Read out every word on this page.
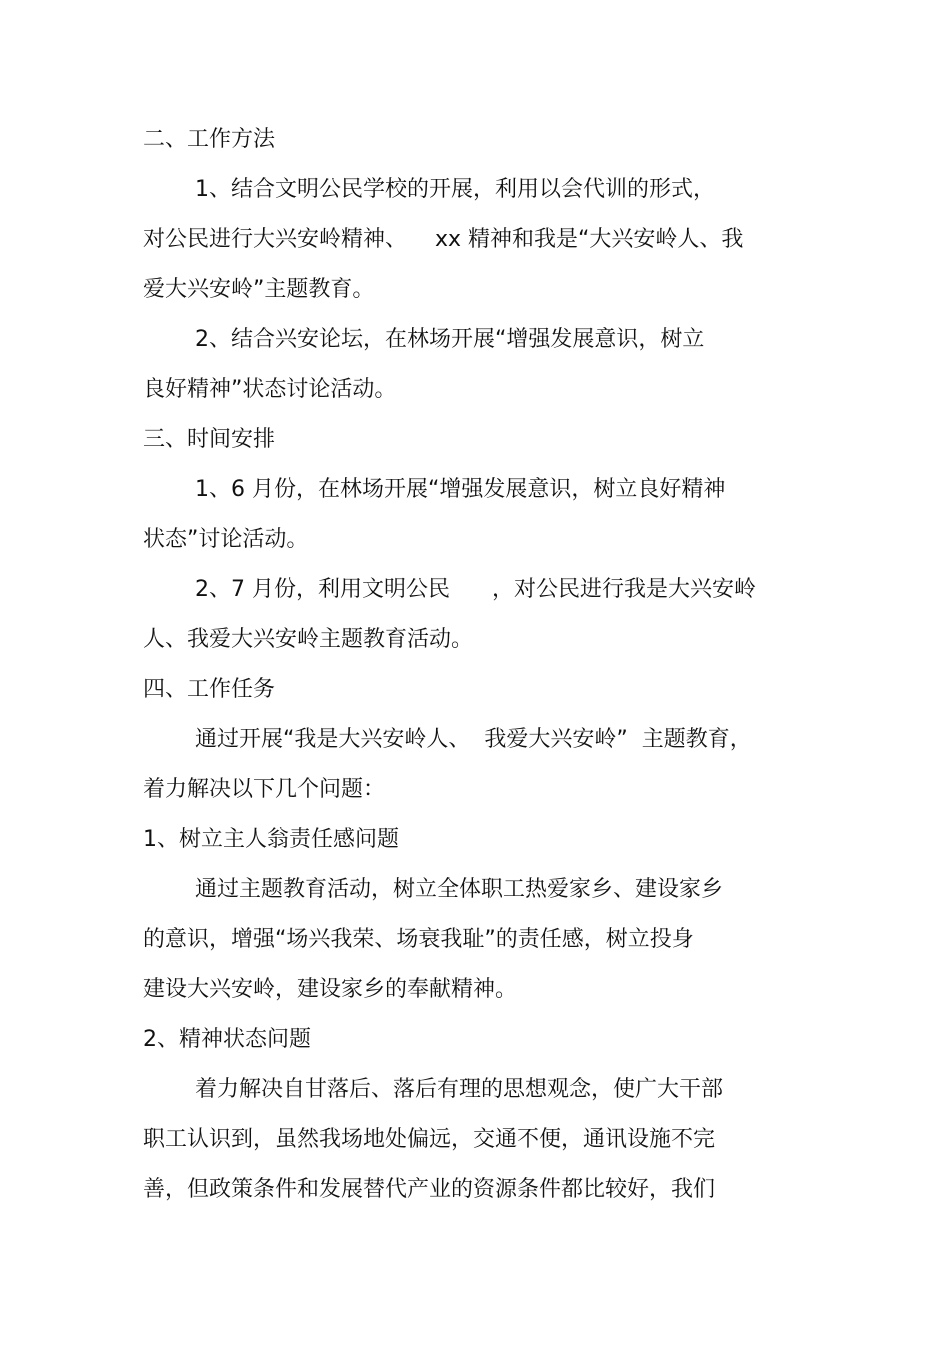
二、工作方法
1、结合文明公民学校的开展，利用以会代训的形式，
对公民进行大兴安岭精神、    xx 精神和我是“大兴安岭人、我
爱大兴安岭”主题教育。
2、结合兴安论坛，在林场开展“增强发展意识，树立
良好精神”状态讨论活动。
三、时间安排
1、6 月份，在林场开展“增强发展意识，树立良好精神
状态”讨论活动。
2、7 月份，利用文明公民      ，对公民进行我是大兴安岭
人、我爱大兴安岭主题教育活动。
四、工作任务
通过开展“我是大兴安岭人、  我爱大兴安岭”  主题教育，
着力解决以下几个问题：
1、树立主人翁责任感问题
通过主题教育活动，树立全体职工热爱家乡、建设家乡
的意识，增强“场兴我荣、场衰我耻”的责任感，树立投身
建设大兴安岭，建设家乡的奉献精神。
2、精神状态问题
着力解决自甘落后、落后有理的思想观念，使广大干部
职工认识到，虽然我场地处偏远，交通不便，通讯设施不完
善，但政策条件和发展替代产业的资源条件都比较好，我们
